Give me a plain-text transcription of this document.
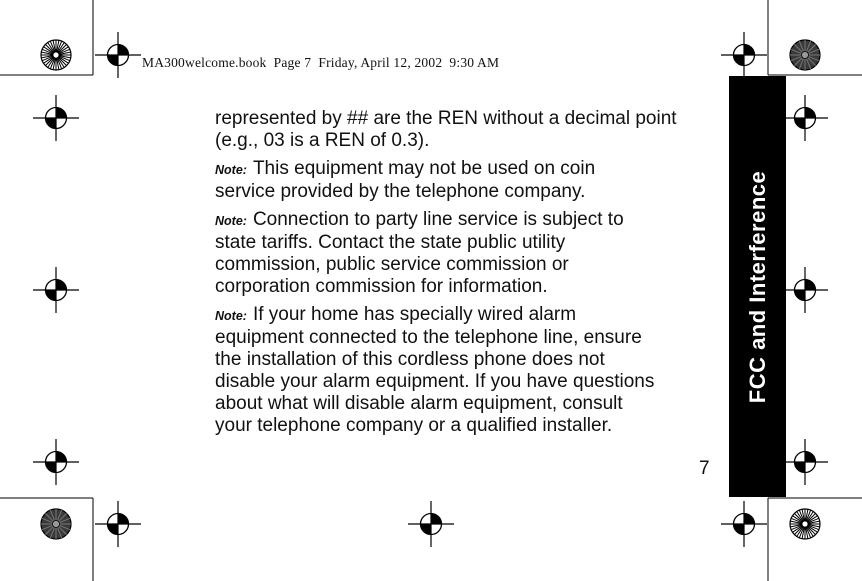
MA300welcome.book  Page 7  Friday, April 12, 2002  9:30 AM

represented by ## are the REN without a decimal point
(e.g., 03 is a REN of 0.3).

Note: This equipment may not be used on coin
service provided by the telephone company.

Note: Connection to party line service is subject to
state tariffs. Contact the state public utility
commission, public service commission or
corporation commission for information.

Note: If your home has specially wired alarm
equipment connected to the telephone line, ensure
the installation of this cordless phone does not
disable your alarm equipment. If you have questions
about what will disable alarm equipment, consult
your telephone company or a qualified installer.

FCC and Interference
7
